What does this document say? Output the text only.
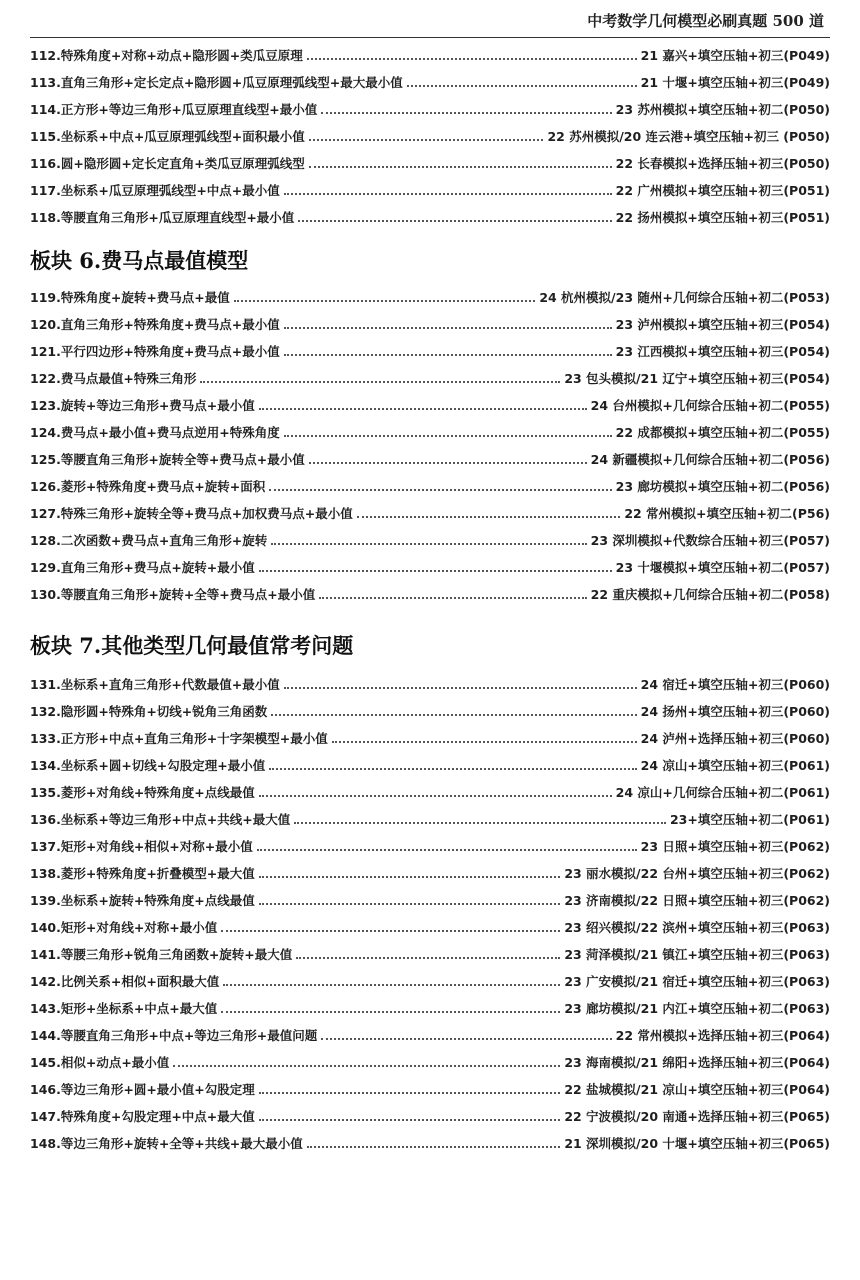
中考数学几何模型必刷真题 500 道
112.特殊角度+对称+动点+隐形圆+类瓜豆原理	21 嘉兴+填空压轴+初三(P049)
113.直角三角形+定长定点+隐形圆+瓜豆原理弧线型+最大最小值	21 十堰+填空压轴+初三(P049)
114.正方形+等边三角形+瓜豆原理直线型+最小值	23 苏州模拟+填空压轴+初二(P050)
115.坐标系+中点+瓜豆原理弧线型+面积最小值	22 苏州模拟/20 连云港+填空压轴+初三 (P050)
116.圆+隐形圆+定长定直角+类瓜豆原理弧线型	22 长春模拟+选择压轴+初三(P050)
117.坐标系+瓜豆原理弧线型+中点+最小值	22 广州模拟+填空压轴+初三(P051)
118.等腰直角三角形+瓜豆原理直线型+最小值	22 扬州模拟+填空压轴+初三(P051)
板块 6.费马点最值模型
119.特殊角度+旋转+费马点+最值	24 杭州模拟/23 随州+几何综合压轴+初二(P053)
120.直角三角形+特殊角度+费马点+最小值	23 泸州模拟+填空压轴+初三(P054)
121.平行四边形+特殊角度+费马点+最小值	23 江西模拟+填空压轴+初三(P054)
122.费马点最值+特殊三角形	23 包头模拟/21 辽宁+填空压轴+初三(P054)
123.旋转+等边三角形+费马点+最小值	24 台州模拟+几何综合压轴+初二(P055)
124.费马点+最小值+费马点逆用+特殊角度	22 成都模拟+填空压轴+初二(P055)
125.等腰直角三角形+旋转全等+费马点+最小值	24 新疆模拟+几何综合压轴+初二(P056)
126.菱形+特殊角度+费马点+旋转+面积	23 廊坊模拟+填空压轴+初二(P056)
127.特殊三角形+旋转全等+费马点+加权费马点+最小值	22 常州模拟+填空压轴+初二(P56)
128.二次函数+费马点+直角三角形+旋转	23 深圳模拟+代数综合压轴+初三(P057)
129.直角三角形+费马点+旋转+最小值	23 十堰模拟+填空压轴+初二(P057)
130.等腰直角三角形+旋转+全等+费马点+最小值	22 重庆模拟+几何综合压轴+初二(P058)
板块 7.其他类型几何最值常考问题
131.坐标系+直角三角形+代数最值+最小值	24 宿迁+填空压轴+初三(P060)
132.隐形圆+特殊角+切线+锐角三角函数	24 扬州+填空压轴+初三(P060)
133.正方形+中点+直角三角形+十字架模型+最小值	24 泸州+选择压轴+初三(P060)
134.坐标系+圆+切线+勾股定理+最小值	24 凉山+填空压轴+初三(P061)
135.菱形+对角线+特殊角度+点线最值	24 凉山+几何综合压轴+初二(P061)
136.坐标系+等边三角形+中点+共线+最大值	23+填空压轴+初二(P061)
137.矩形+对角线+相似+对称+最小值	23 日照+填空压轴+初三(P062)
138.菱形+特殊角度+折叠模型+最大值	23 丽水模拟/22 台州+填空压轴+初三(P062)
139.坐标系+旋转+特殊角度+点线最值	23 济南模拟/22 日照+填空压轴+初三(P062)
140.矩形+对角线+对称+最小值	23 绍兴模拟/22 滨州+填空压轴+初三(P063)
141.等腰三角形+锐角三角函数+旋转+最大值	23 菏泽模拟/21 镇江+填空压轴+初三(P063)
142.比例关系+相似+面积最大值	23 广安模拟/21 宿迁+填空压轴+初三(P063)
143.矩形+坐标系+中点+最大值	23 廊坊模拟/21 内江+填空压轴+初二(P063)
144.等腰直角三角形+中点+等边三角形+最值问题	22 常州模拟+选择压轴+初三(P064)
145.相似+动点+最小值	23 海南模拟/21 绵阳+选择压轴+初三(P064)
146.等边三角形+圆+最小值+勾股定理	22 盐城模拟/21 凉山+填空压轴+初三(P064)
147.特殊角度+勾股定理+中点+最大值	22 宁波模拟/20 南通+选择压轴+初三(P065)
148.等边三角形+旋转+全等+共线+最大最小值	21 深圳模拟/20 十堰+填空压轴+初三(P065)
